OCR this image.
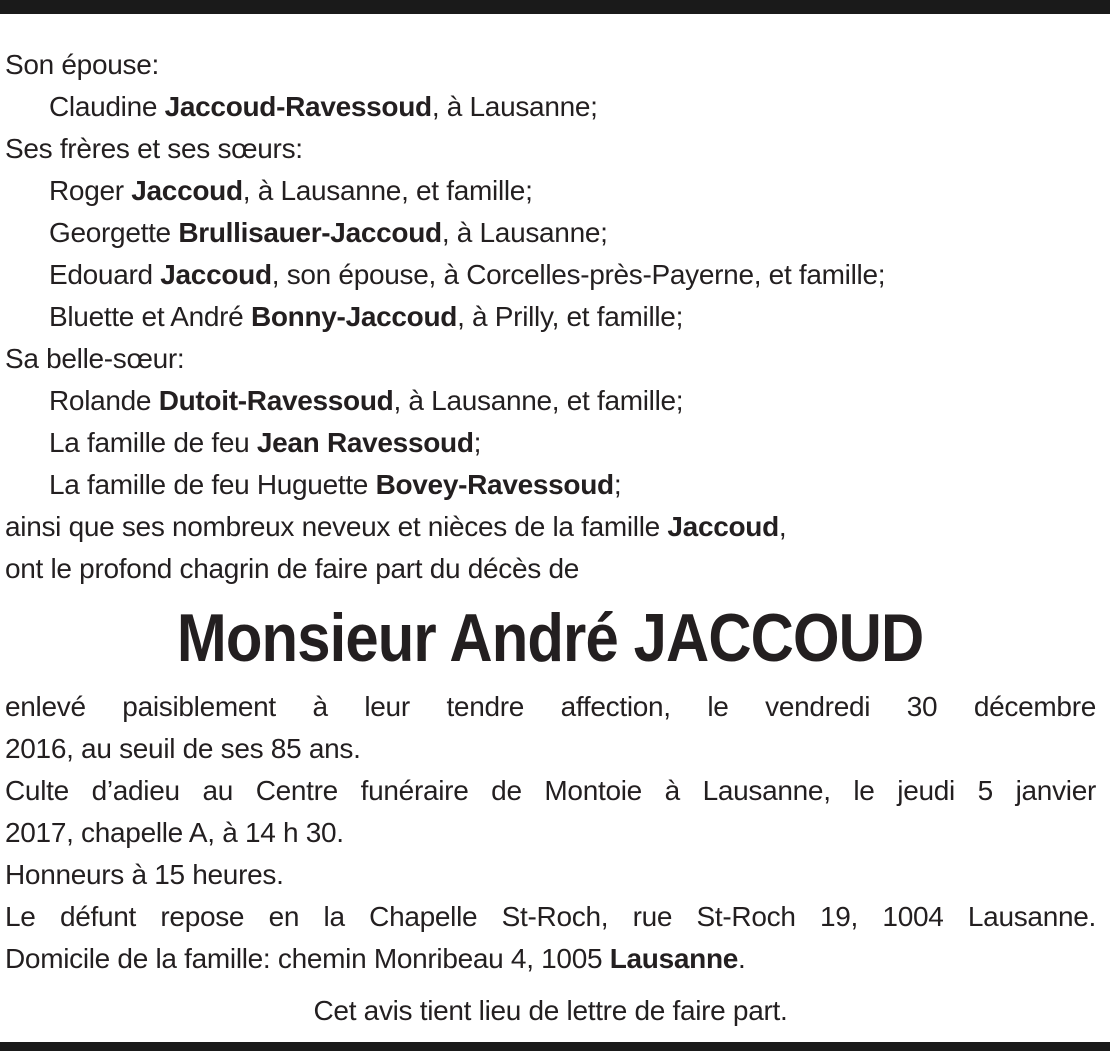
Son épouse:
Claudine Jaccoud-Ravessoud, à Lausanne;
Ses frères et ses sœurs:
Roger Jaccoud, à Lausanne, et famille;
Georgette Brullisauer-Jaccoud, à Lausanne;
Edouard Jaccoud, son épouse, à Corcelles-près-Payerne, et famille;
Bluette et André Bonny-Jaccoud, à Prilly, et famille;
Sa belle-sœur:
Rolande Dutoit-Ravessoud, à Lausanne, et famille;
La famille de feu Jean Ravessoud;
La famille de feu Huguette Bovey-Ravessoud;
ainsi que ses nombreux neveux et nièces de la famille Jaccoud,
ont le profond chagrin de faire part du décès de
Monsieur André JACCOUD
enlevé paisiblement à leur tendre affection, le vendredi 30 décembre
2016, au seuil de ses 85 ans.
Culte d’adieu au Centre funéraire de Montoie à Lausanne, le jeudi 5 janvier
2017, chapelle A, à 14 h 30.
Honneurs à 15 heures.
Le défunt repose en la Chapelle St-Roch, rue St-Roch 19, 1004 Lausanne.
Domicile de la famille: chemin Monribeau 4, 1005 Lausanne.
Cet avis tient lieu de lettre de faire part.
